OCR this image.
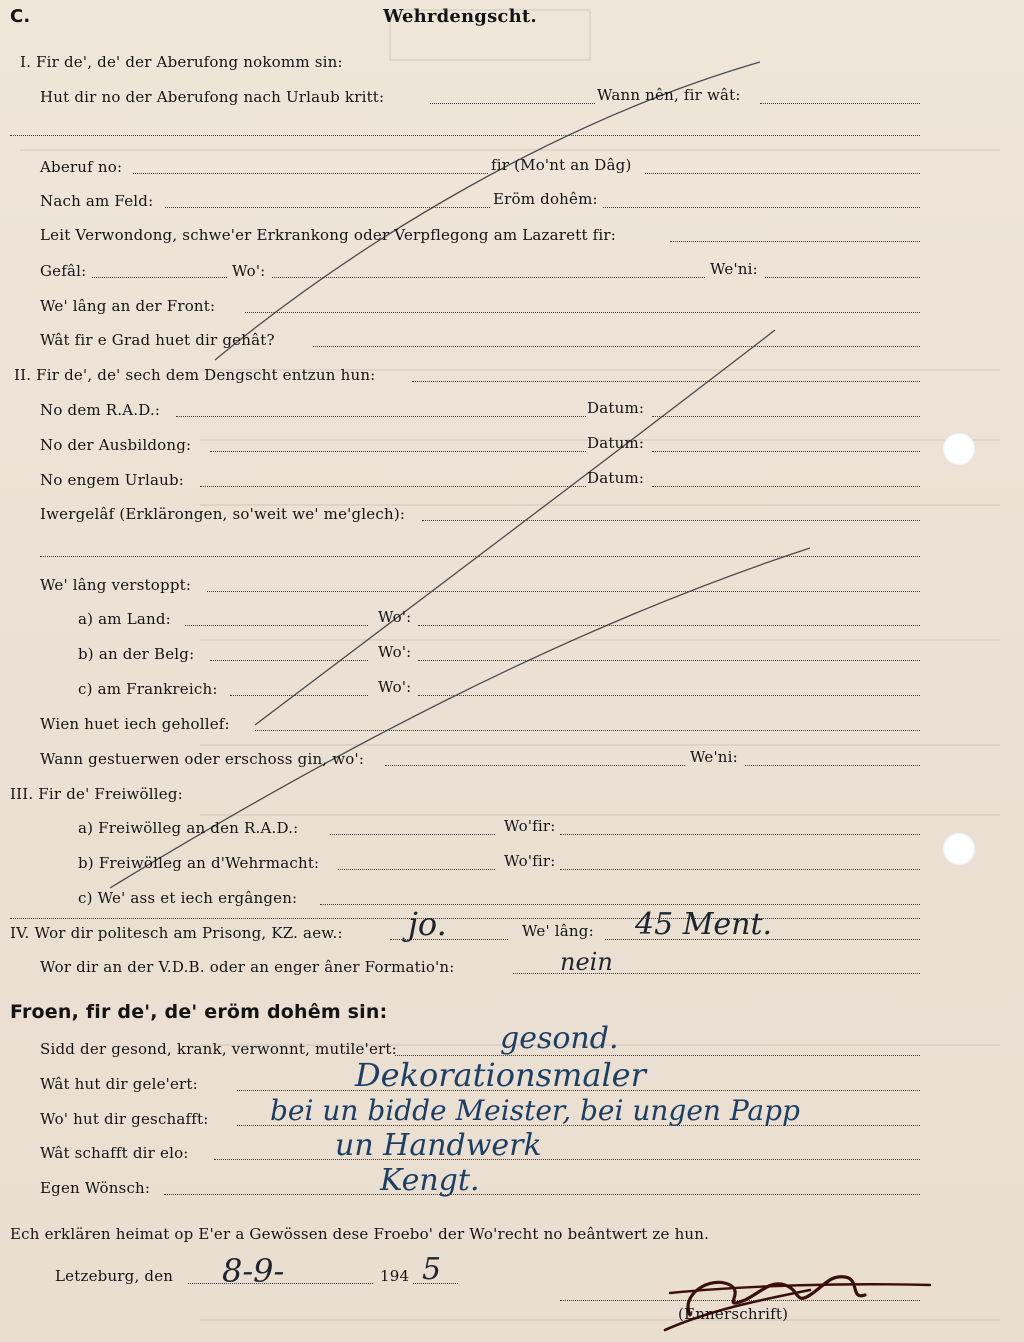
C.	Wehrdengscht.
I. Fir de', de' der Aberufong nokomm sin:
Hut dir no der Aberufong nach Urlaub kritt:	Wann nên, fir wât:
Aberuf no:	fir (Mo'nt an Dâg)
Nach am Feld:	Eröm dohêm:
Leit Verwondong, schwe'er Erkrankong oder Verpflegong am Lazarett fir:
Gefâl:	Wo':	We'ni:
We' lâng an der Front:
Wât fir e Grad huet dir gehât?
II. Fir de', de' sech dem Dengscht entzun hun:
No dem R.A.D.:	Datum:
No der Ausbildong:	Datum:
No engem Urlaub:	Datum:
Iwergelâf (Erklärongen, so'weit we' me'glech):
We' lâng verstoppt:
a) am Land:	Wo':
b) an der Belg:	Wo':
c) am Frankreich:	Wo':
Wien huet iech gehollef:
Wann gestuerwen oder erschoss gin, wo':	We'ni:
III. Fir de' Freiwölleg:
a) Freiwölleg an den R.A.D.:	Wo'fir:
b) Freiwölleg an d'Wehrmacht:	Wo'fir:
c) We' ass et iech ergângen:
IV. Wor dir politesch am Prisong, KZ. aew.: jo.	We' lâng: 45 Ment.
Wor dir an der V.D.B. oder an enger âner Formatio'n:	nein
Froen, fir de', de' eröm dohêm sin:
Sidd der gesond, krank, verwonnt, mutile'ert:	gesond.
Wât hut dir gele'ert:	Dekorationsmaler
Wo' hut dir geschafft: bei un bidde Meister, bei ungen Papp
Wât schafft dir elo:	un Handwerk
Egen Wönsch:	Kengt.
Ech erklären heimat op E'er a Gewössen dese Froebo' der Wo'recht no beântwert ze hun.
Letzeburg, den 8-9-	194 5
(Ennerschrift)
